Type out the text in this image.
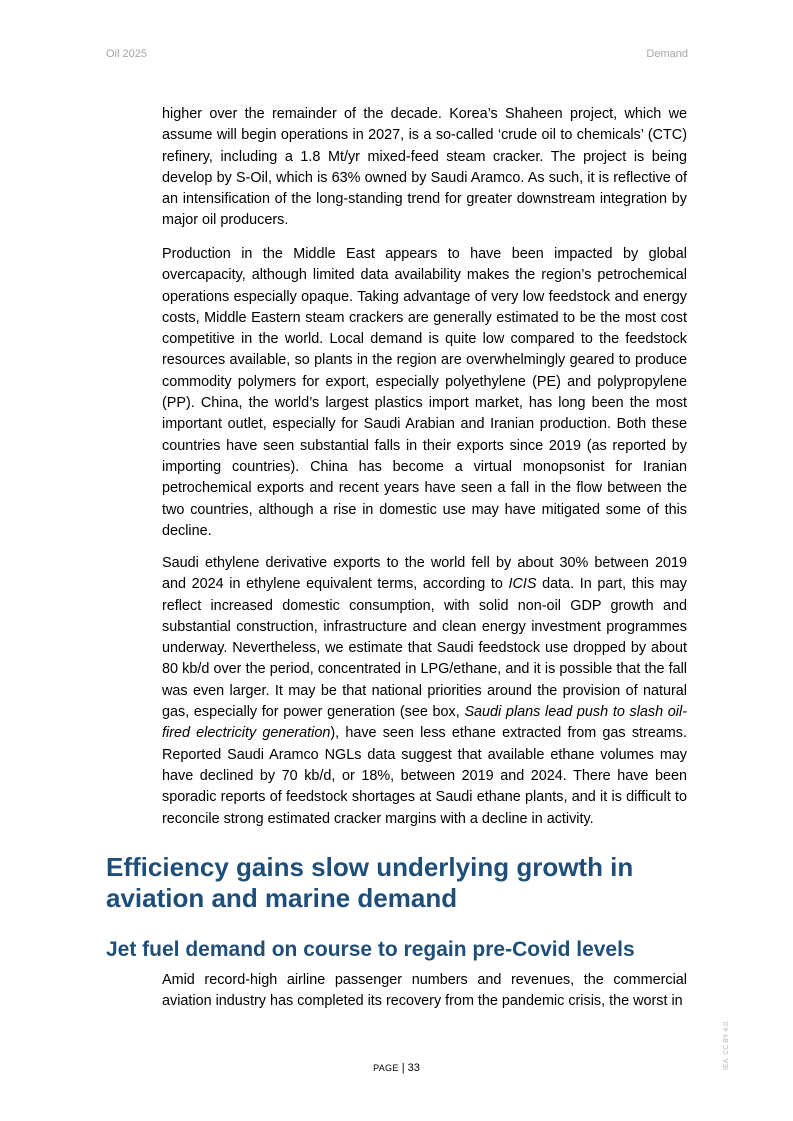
Oil 2025	Demand

higher over the remainder of the decade. Korea’s Shaheen project, which we assume will begin operations in 2027, is a so-called ‘crude oil to chemicals’ (CTC) refinery, including a 1.8 Mt/yr mixed-feed steam cracker. The project is being develop by S-Oil, which is 63% owned by Saudi Aramco. As such, it is reflective of an intensification of the long-standing trend for greater downstream integration by major oil producers.

Production in the Middle East appears to have been impacted by global overcapacity, although limited data availability makes the region’s petrochemical operations especially opaque. Taking advantage of very low feedstock and energy costs, Middle Eastern steam crackers are generally estimated to be the most cost competitive in the world. Local demand is quite low compared to the feedstock resources available, so plants in the region are overwhelmingly geared to produce commodity polymers for export, especially polyethylene (PE) and polypropylene (PP). China, the world’s largest plastics import market, has long been the most important outlet, especially for Saudi Arabian and Iranian production. Both these countries have seen substantial falls in their exports since 2019 (as reported by importing countries). China has become a virtual monopsonist for Iranian petrochemical exports and recent years have seen a fall in the flow between the two countries, although a rise in domestic use may have mitigated some of this decline.

Saudi ethylene derivative exports to the world fell by about 30% between 2019 and 2024 in ethylene equivalent terms, according to ICIS data. In part, this may reflect increased domestic consumption, with solid non-oil GDP growth and substantial construction, infrastructure and clean energy investment programmes underway. Nevertheless, we estimate that Saudi feedstock use dropped by about 80 kb/d over the period, concentrated in LPG/ethane, and it is possible that the fall was even larger. It may be that national priorities around the provision of natural gas, especially for power generation (see box, Saudi plans lead push to slash oil-fired electricity generation), have seen less ethane extracted from gas streams. Reported Saudi Aramco NGLs data suggest that available ethane volumes may have declined by 70 kb/d, or 18%, between 2019 and 2024. There have been sporadic reports of feedstock shortages at Saudi ethane plants, and it is difficult to reconcile strong estimated cracker margins with a decline in activity.

Efficiency gains slow underlying growth in aviation and marine demand
Jet fuel demand on course to regain pre-Covid levels

Amid record-high airline passenger numbers and revenues, the commercial aviation industry has completed its recovery from the pandemic crisis, the worst in

PAGE | 33	IEA. CC BY 4.0.
